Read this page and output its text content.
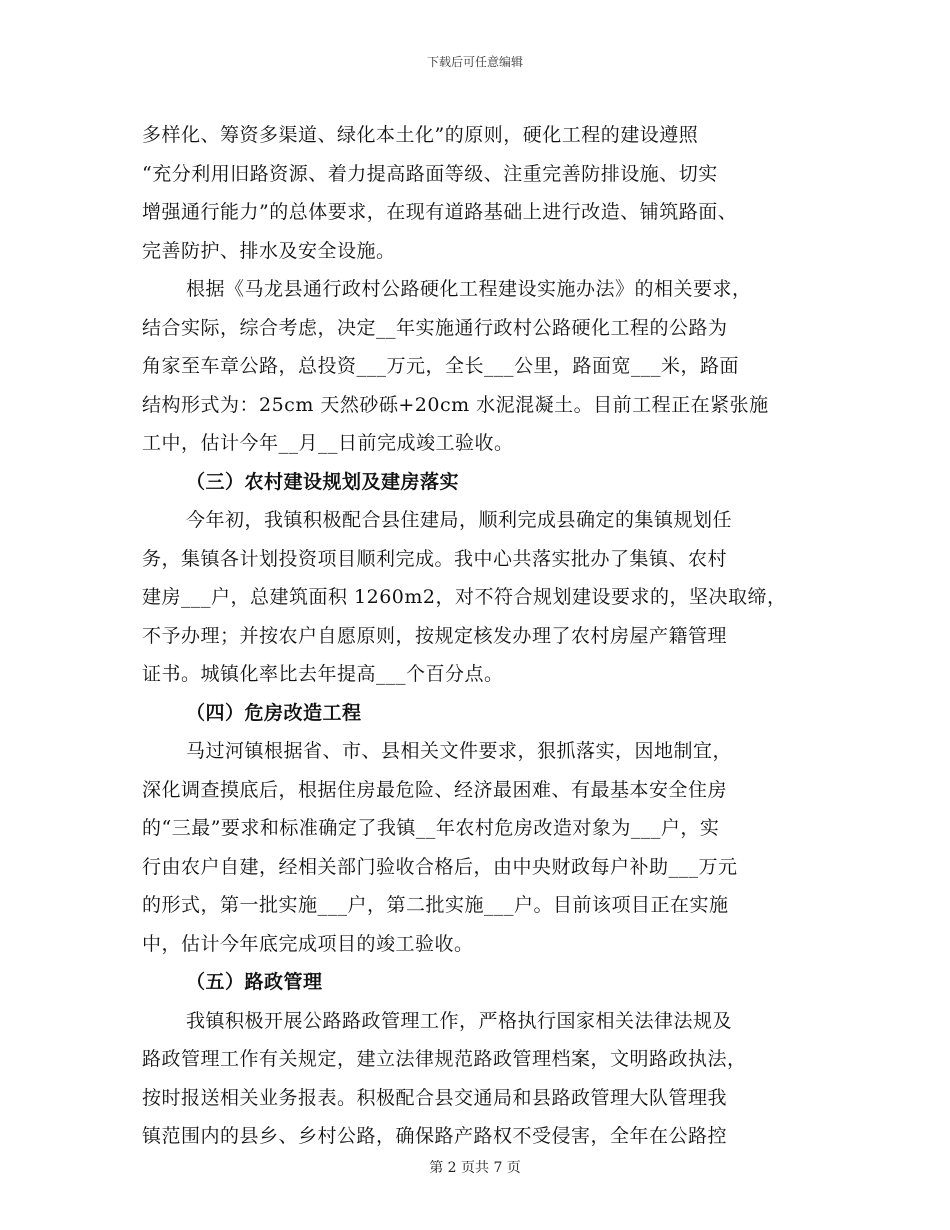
下载后可任意编辑
多样化、筹资多渠道、绿化本土化”的原则，硬化工程的建设遵照
“充分利用旧路资源、着力提高路面等级、注重完善防排设施、切实
增强通行能力”的总体要求，在现有道路基础上进行改造、铺筑路面、
完善防护、排水及安全设施。
根据《马龙县通行政村公路硬化工程建设实施办法》的相关要求，
结合实际，综合考虑，决定__年实施通行政村公路硬化工程的公路为
角家至车章公路，总投资___万元，全长___公里，路面宽___米，路面
结构形式为：25cm 天然砂砾+20cm 水泥混凝土。目前工程正在紧张施
工中，估计今年__月__日前完成竣工验收。
（三）农村建设规划及建房落实
今年初，我镇积极配合县住建局，顺利完成县确定的集镇规划任
务，集镇各计划投资项目顺利完成。我中心共落实批办了集镇、农村
建房___户，总建筑面积 1260m2，对不符合规划建设要求的，坚决取缔，
不予办理；并按农户自愿原则，按规定核发办理了农村房屋产籍管理
证书。城镇化率比去年提高___个百分点。
（四）危房改造工程
马过河镇根据省、市、县相关文件要求，狠抓落实，因地制宜，
深化调查摸底后，根据住房最危险、经济最困难、有最基本安全住房
的“三最”要求和标准确定了我镇__年农村危房改造对象为___户，实
行由农户自建，经相关部门验收合格后，由中央财政每户补助___万元
的形式，第一批实施___户，第二批实施___户。目前该项目正在实施
中，估计今年底完成项目的竣工验收。
（五）路政管理
我镇积极开展公路路政管理工作，严格执行国家相关法律法规及
路政管理工作有关规定，建立法律规范路政管理档案，文明路政执法，
按时报送相关业务报表。积极配合县交通局和县路政管理大队管理我
镇范围内的县乡、乡村公路，确保路产路权不受侵害，全年在公路控
第 2 页共 7 页
